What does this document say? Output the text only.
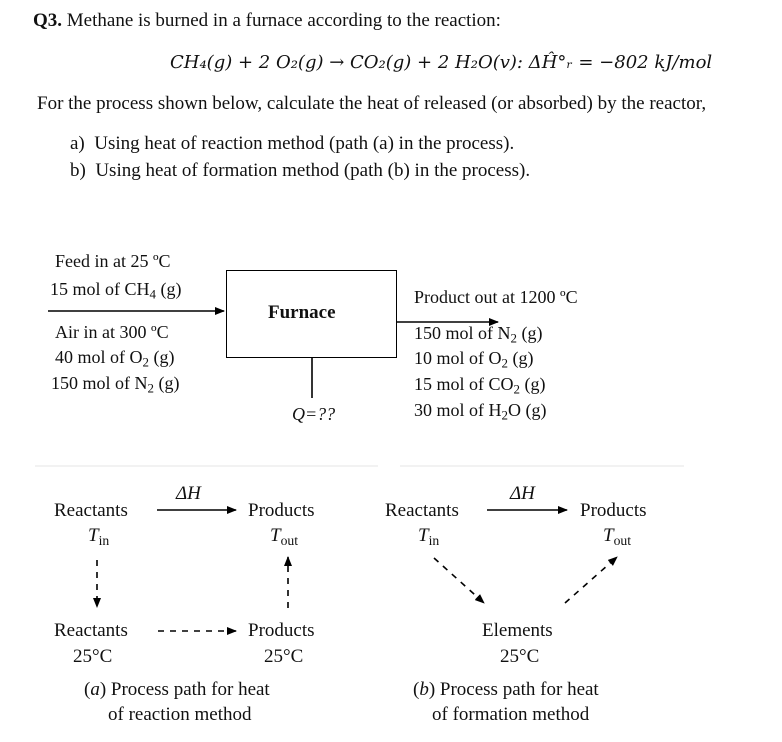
Q3. Methane is burned in a furnace according to the reaction:
CH₄(g) + 2 O₂(g) → CO₂(g) + 2 H₂O(v): ΔĤ°ᵣ = −802 kJ/mol
For the process shown below, calculate the heat of released (or absorbed) by the reactor,
a) Using heat of reaction method (path (a) in the process).
b) Using heat of formation method (path (b) in the process).
Furnace
Feed in at 25 ºC
15 mol of $CH_4$ (g)
Air in at 300 ºC
40 mol of $O_2$ (g)
150 mol of $N_2$ (g)
Q=??
Product out at 1200 ºC
150 mol of $N_2$ (g)
10 mol of $O_2$ (g)
15 mol of $CO_2$ (g)
30 mol of $H_2O$ (g)
ΔH
Reactants
$T_{in}$
Products
$T_{out}$
Reactants
25°C
Products
25°C
(a) Process path for heat
of reaction method
ΔH
Reactants
$T_{in}$
Products
$T_{out}$
Elements
25°C
(b) Process path for heat
of formation method
